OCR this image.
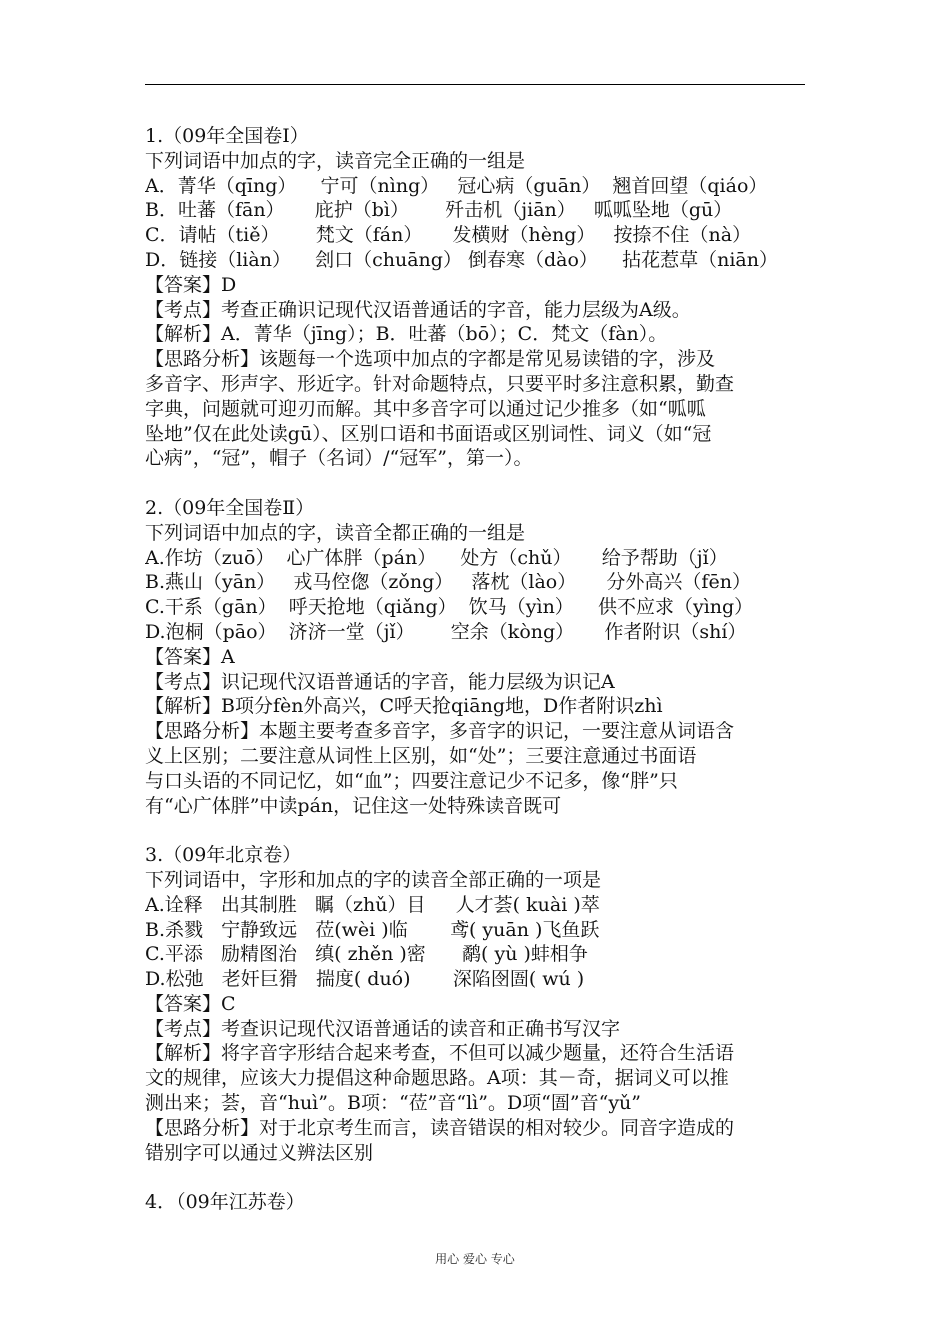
1.（09年全国卷Ⅰ）
下列词语中加点的字，读音完全正确的一组是
A．菁华（qīng）    宁可（nìng）   冠心病（guān）  翘首回望（qiáo）
B．吐蕃（fān）     庇护（bì）      歼击机（jiān）   呱呱坠地（gū）
C．请帖（tiě）      梵文（fán）     发横财（hèng）   按捺不住（nà）
D．链接（liàn）    刽口（chuāng） 倒春寒（dào）    拈花惹草（niān）
【答案】D
【考点】考查正确识记现代汉语普通话的字音，能力层级为A级。
【解析】A．菁华（jīng）；B．吐蕃（bō）；C．梵文（fàn）。
【思路分析】该题每一个选项中加点的字都是常见易读错的字，涉及
多音字、形声字、形近字。针对命题特点，只要平时多注意积累，勤查
字典，问题就可迎刃而解。其中多音字可以通过记少推多（如“呱呱
坠地”仅在此处读gū）、区别口语和书面语或区别词性、词义（如“冠
心病”，“冠”，帽子（名词）/“冠军”，第一）。
2.（09年全国卷Ⅱ）
下列词语中加点的字，读音全都正确的一组是
A.作坊（zuō）  心广体胖（pán）    处方（chǔ）     给予帮助（jǐ）
B.燕山（yān）   戎马倥偬（zǒng）   落枕（lào）     分外高兴（fēn）
C.干系（gān）  呼天抢地（qiǎng）  饮马（yìn）    供不应求（yìng）
D.泡桐（pāo）  济济一堂（jǐ）      空余（kòng）     作者附识（shí）
【答案】A
【考点】识记现代汉语普通话的字音，能力层级为识记A
【解析】B项分fèn外高兴，C呼天抢qiāng地，D作者附识zhì
【思路分析】本题主要考查多音字，多音字的识记，一要注意从词语含
义上区别；二要注意从词性上区别，如“处”；三要注意通过书面语
与口头语的不同记忆，如“血”；四要注意记少不记多，像“胖”只
有“心广体胖”中读pán，记住这一处特殊读音既可
3.（09年北京卷）
下列词语中，字形和加点的字的读音全部正确的一项是
A.诠释   出其制胜   瞩（zhǔ）目     人才荟( kuài )萃
B.杀戮   宁静致远   莅(wèi )临       鸢( yuān )飞鱼跃
C.平添   励精图治   缜( zhěn )密      鹬( yù )蚌相争
D.松弛   老奸巨猾   揣度( duó)       深陷囹圄( wú )
【答案】C
【考点】考查识记现代汉语普通话的读音和正确书写汉字
【解析】将字音字形结合起来考查，不但可以减少题量，还符合生活语
文的规律，应该大力提倡这种命题思路。A项：其－奇，据词义可以推
测出来；荟，音“huì”。B项：“莅”音“lì”。D项“圄”音“yǔ”
【思路分析】对于北京考生而言，读音错误的相对较少。同音字造成的
错别字可以通过义辨法区别
4．（09年江苏卷）
用心 爱心 专心
